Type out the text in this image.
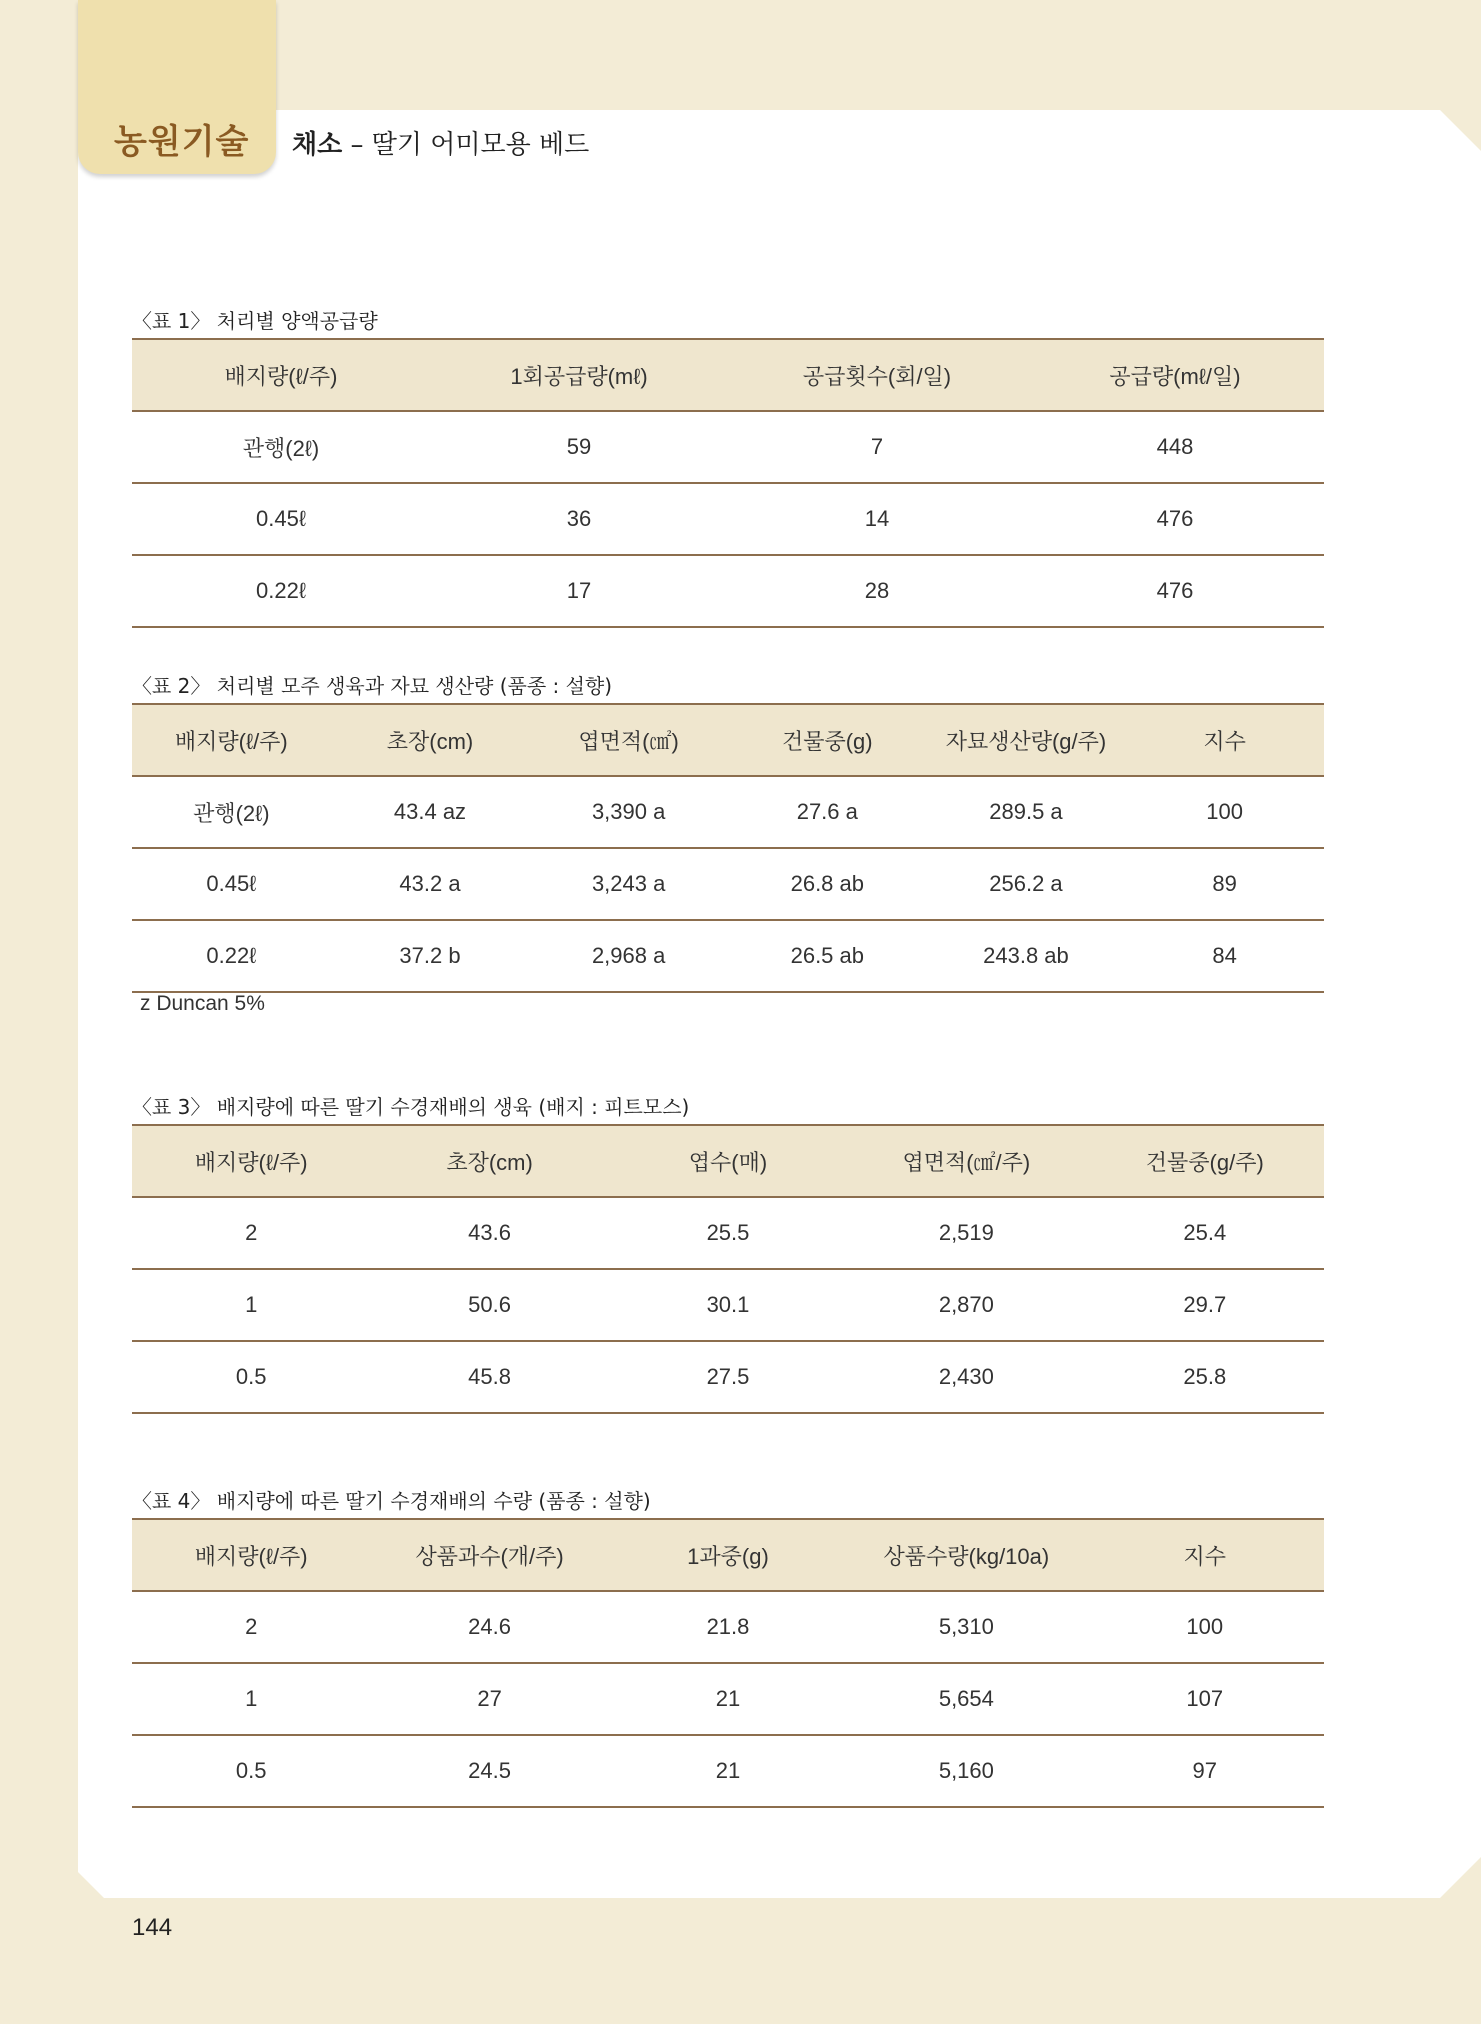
농원기술 채소 – 딸기 어미모용 베드
〈표 1〉 처리별 양액공급량
배지량(ℓ/주)	1회공급량(mℓ)	공급횟수(회/일)	공급량(mℓ/일)
관행(2ℓ)	59	7	448
0.45ℓ	36	14	476
0.22ℓ	17	28	476
〈표 2〉 처리별 모주 생육과 자묘 생산량 (품종 : 설향)
배지량(ℓ/주)	초장(cm)	엽면적(㎠)	건물중(g)	자묘생산량(g/주)	지수
관행(2ℓ)	43.4 az	3,390 a	27.6 a	289.5 a	100
0.45ℓ	43.2 a	3,243 a	26.8 ab	256.2 a	89
0.22ℓ	37.2 b	2,968 a	26.5 ab	243.8 ab	84
z Duncan 5%
〈표 3〉 배지량에 따른 딸기 수경재배의 생육 (배지 : 피트모스)
배지량(ℓ/주)	초장(cm)	엽수(매)	엽면적(㎠/주)	건물중(g/주)
2	43.6	25.5	2,519	25.4
1	50.6	30.1	2,870	29.7
0.5	45.8	27.5	2,430	25.8
〈표 4〉 배지량에 따른 딸기 수경재배의 수량 (품종 : 설향)
배지량(ℓ/주)	상품과수(개/주)	1과중(g)	상품수량(kg/10a)	지수
2	24.6	21.8	5,310	100
1	27	21	5,654	107
0.5	24.5	21	5,160	97
144
